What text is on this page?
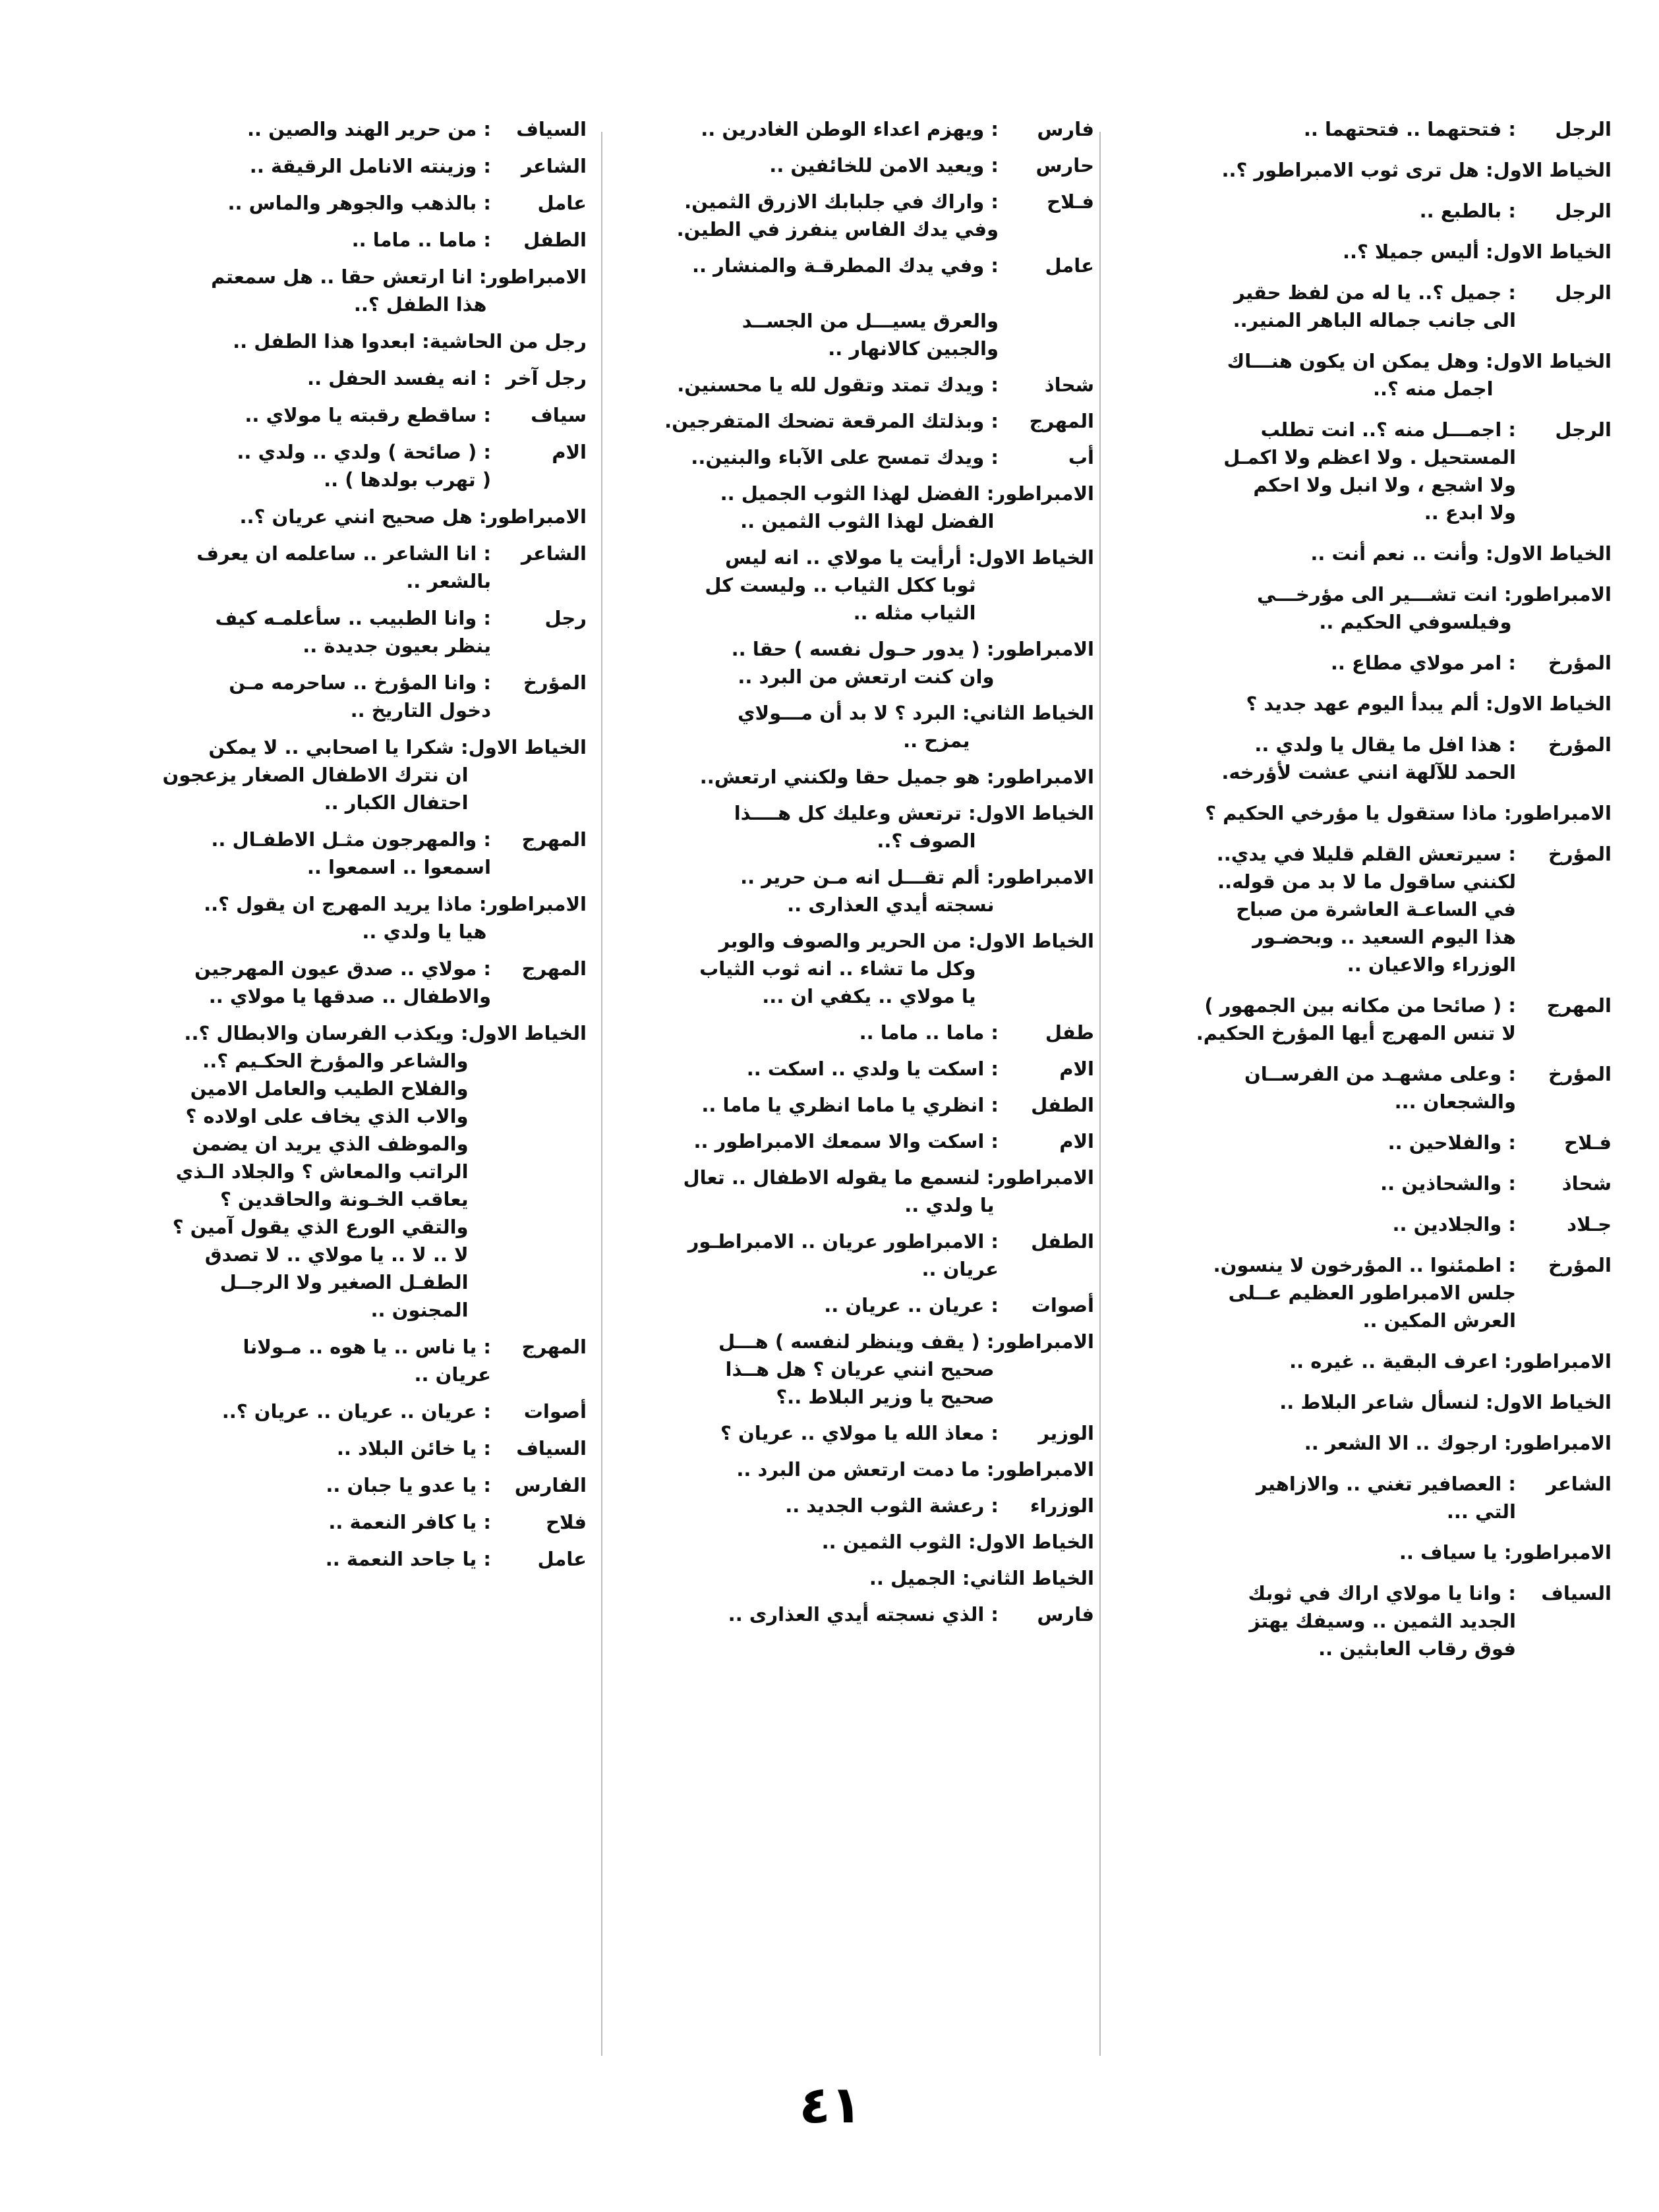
الرجل
: فتحتهما .. فتحتهما ..
الخياط الاول
: هل ترى ثوب الامبراطور ؟..
الرجل
: بالطبع ..
الخياط الاول
: أليس جميلا ؟..
الرجل
: جميل ؟.. يا له من لفظ حقير
الى جانب جماله الباهر المنير..
الخياط الاول
: وهل يمكن ان يكون هنـــاك
اجمل منه ؟..
الرجل
: اجمـــل منه ؟.. انت تطلب
المستحيل . ولا اعظم ولا اكمـل
ولا اشجع ، ولا انبل ولا احكم
ولا ابدع ..
الخياط الاول
: وأنت .. نعم أنت ..
الامبراطور
: انت تشـــير الى مؤرخـــي
وفيلسوفي الحكيم ..
المؤرخ
: امر مولاي مطاع ..
الخياط الاول
: ألم يبدأ اليوم عهد جديد ؟
المؤرخ
: هذا افل ما يقال يا ولدي ..
الحمد للآلهة انني عشت لأؤرخه.
الامبراطور
: ماذا ستقول يا مؤرخي الحكيم ؟
المؤرخ
: سيرتعش القلم قليلا في يدي..
لكنني ساقول ما لا بد من قوله..
في الساعـة العاشرة من صباح
هذا اليوم السعيد .. وبحضـور
الوزراء والاعيان ..
المهرج
: ( صائحا من مكانه بين الجمهور )
لا تنس المهرج أيها المؤرخ الحكيم.
المؤرخ
: وعلى مشهـد من الفرســان
والشجعان ...
فـلاح
: والفلاحين ..
شحاذ
: والشحاذين ..
جـلاد
: والجلادين ..
المؤرخ
: اطمئنوا .. المؤرخون لا ينسون.
جلس الامبراطور العظيم عــلى
العرش المكين ..
الامبراطور
: اعرف البقية .. غيره ..
الخياط الاول
: لنسأل شاعر البلاط ..
الامبراطور
: ارجوك .. الا الشعر ..
الشاعر
: العصافير تغني .. والازاهير
التي ...
الامبراطور
: يا سياف ..
السياف
: وانا يا مولاي اراك في ثوبك
الجديد الثمين .. وسيفك يهتز
فوق رقاب العابثين ..
فارس
: ويهزم اعداء الوطن الغادرين ..
حارس
: ويعيد الامن للخائفين ..
فـلاح
: واراك في جلبابك الازرق الثمين.
وفي يدك الفاس ينفرز في الطين.
عامل
: وفي يدك المطرقـة والمنشار ..

والعرق يسيـــل من الجســد
والجبين كالانهار ..
شحاذ
: ويدك تمتد وتقول لله يا محسنين.
المهرج
: وبذلتك المرقعة تضحك المتفرجين.
أب
: ويدك تمسح على الآباء والبنين..
الامبراطور
: الفضل لهذا الثوب الجميل ..
الفضل لهذا الثوب الثمين ..
الخياط الاول
: أرأيت يا مولاي .. انه ليس
ثوبا ككل الثياب .. وليست كل
الثياب مثله ..
الامبراطور
: ( يدور حـول نفسه ) حقا ..
وان كنت ارتعش من البرد ..
الخياط الثاني
: البرد ؟ لا بد أن مـــولاي
يمزح ..
الامبراطور
: هو جميل حقا ولكنني ارتعش..
الخياط الاول
: ترتعش وعليك كل هــــذا
الصوف ؟..
الامبراطور
: ألم تقـــل انه مـن حرير ..
نسجته أيدي العذارى ..
الخياط الاول
: من الحرير والصوف والوبر
وكل ما تشاء .. انه ثوب الثياب
يا مولاي .. يكفي ان ...
طفل
: ماما .. ماما ..
الام
: اسكت يا ولدي .. اسكت ..
الطفل
: انظري يا ماما انظري يا ماما ..
الام
: اسكت والا سمعك الامبراطور ..
الامبراطور
: لنسمع ما يقوله الاطفال .. تعال
يا ولدي ..
الطفل
: الامبراطور عريان .. الامبراطـور
عريان ..
أصوات
: عريان .. عريان ..
الامبراطور
: ( يقف وينظر لنفسه ) هـــل
صحيح انني عريان ؟ هل هــذا
صحيح يا وزير البلاط ..؟
الوزير
: معاذ الله يا مولاي .. عريان ؟
الامبراطور
: ما دمت ارتعش من البرد ..
الوزراء
: رعشة الثوب الجديد ..
الخياط الاول
: الثوب الثمين ..
الخياط الثاني
: الجميل ..
فارس
: الذي نسجته أيدي العذارى ..
السياف
: من حرير الهند والصين ..
الشاعر
: وزينته الانامل الرقيقة ..
عامل
: بالذهب والجوهر والماس ..
الطفل
: ماما .. ماما ..
الامبراطور
: انا ارتعش حقا .. هل سمعتم
هذا الطفل ؟..
رجل من الحاشية
: ابعدوا هذا الطفل ..
رجل آخر
: انه يفسد الحفل ..
سياف
: ساقطع رقبته يا مولاي ..
الام
: ( صائحة ) ولدي .. ولدي ..
( تهرب بولدها ) ..
الامبراطور
: هل صحيح انني عريان ؟..
الشاعر
: انا الشاعر .. ساعلمه ان يعرف
بالشعر ..
رجل
: وانا الطبيب .. سأعلمـه كيف
ينظر بعيون جديدة ..
المؤرخ
: وانا المؤرخ .. ساحرمه مـن
دخول التاريخ ..
الخياط الاول
: شكرا يا اصحابي .. لا يمكن
ان نترك الاطفال الصغار يزعجون
احتفال الكبار ..
المهرج
: والمهرجون مثـل الاطفـال ..
اسمعوا .. اسمعوا ..
الامبراطور
: ماذا يريد المهرج ان يقول ؟..
هيا يا ولدي ..
المهرج
: مولاي .. صدق عيون المهرجين
والاطفال .. صدقها يا مولاي ..
الخياط الاول
: ويكذب الفرسان والابطال ؟..
والشاعر والمؤرخ الحكـيم ؟..
والفلاح الطيب والعامل الامين
والاب الذي يخاف على اولاده ؟
والموظف الذي يريد ان يضمن
الراتب والمعاش ؟ والجلاد الـذي
يعاقب الخـونة والحاقدين ؟
والتقي الورع الذي يقول آمين ؟
لا .. لا .. يا مولاي .. لا تصدق
الطفـل الصغير ولا الرجــل
المجنون ..
المهرج
: يا ناس .. يا هوه .. مـولانا
عريان ..
أصوات
: عريان .. عريان .. عريان ؟..
السياف
: يا خائن البلاد ..
الفارس
: يا عدو يا جبان ..
فلاح
: يا كافر النعمة ..
عامل
: يا جاحد النعمة ..
٤١
